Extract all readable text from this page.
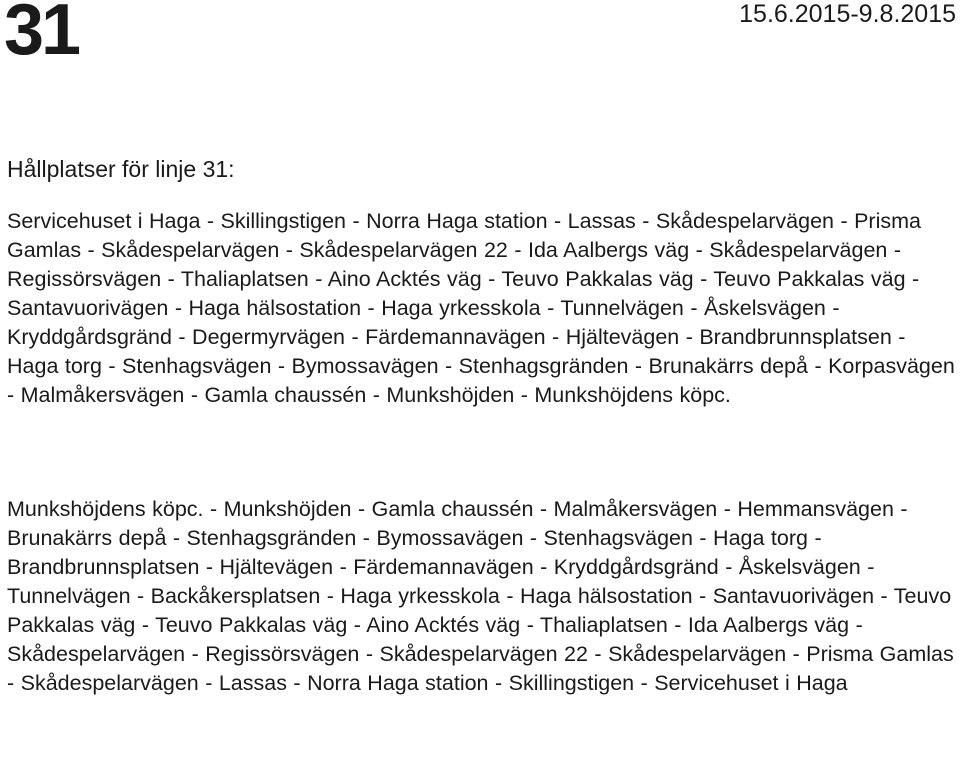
31	15.6.2015-9.8.2015
Hållplatser för linje 31:

Servicehuset i Haga - Skillingstigen - Norra Haga station - Lassas - Skådespelarvägen - Prisma Gamlas - Skådespelarvägen - Skådespelarvägen 22 - Ida Aalbergs väg - Skådespelarvägen - Regissörsvägen - Thaliaplatsen - Aino Acktés väg - Teuvo Pakkalas väg - Teuvo Pakkalas väg - Santavuorivägen - Haga hälsostation - Haga yrkesskola - Tunnelvägen - Åskelsvägen - Kryddgårdsgränd - Degermyrvägen - Färdemannavägen - Hjältevägen - Brandbrunnsplatsen - Haga torg - Stenhagsvägen - Bymossavägen - Stenhagsgränden - Brunakärrs depå - Korpasvägen - Malmåkersvägen - Gamla chaussén - Munkshöjden - Munkshöjdens köpc.

Munkshöjdens köpc. - Munkshöjden - Gamla chaussén - Malmåkersvägen - Hemmansvägen - Brunakärrs depå - Stenhagsgränden - Bymossavägen - Stenhagsvägen - Haga torg - Brandbrunnsplatsen - Hjältevägen - Färdemannavägen - Kryddgårdsgränd - Åskelsvägen - Tunnelvägen - Backåkersplatsen - Haga yrkesskola - Haga hälsostation - Santavuorivägen - Teuvo Pakkalas väg - Teuvo Pakkalas väg - Aino Acktés väg - Thaliaplatsen - Ida Aalbergs väg - Skådespelarvägen - Regissörsvägen - Skådespelarvägen 22 - Skådespelarvägen - Prisma Gamlas - Skådespelarvägen - Lassas - Norra Haga station - Skillingstigen - Servicehuset i Haga
